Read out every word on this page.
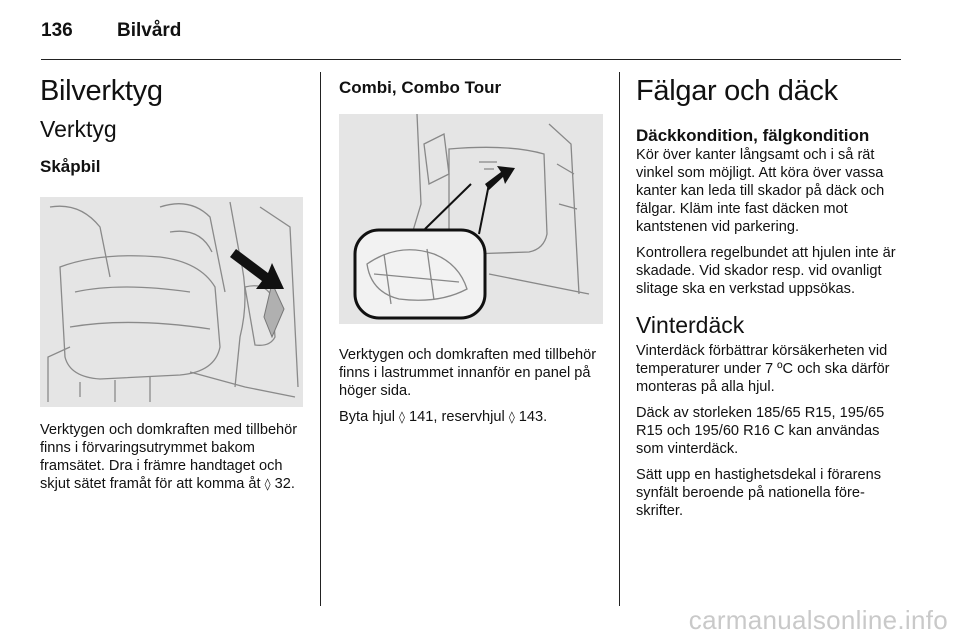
136 Bilvård
Bilverktyg
Verktyg
Skåpbil

Verktygen och domkraften med tillbehör finns i förvaringsutrymmet bakom framsätet. Dra i främre handtaget och skjut sätet framåt för att komma åt ◊ 32.

Combi, Combo Tour

Verktygen och domkraften med tillbehör finns i lastrummet innanför en panel på höger sida.

Byta hjul ◊ 141, reservhjul ◊ 143.

Fälgar och däck
Däckkondition, fälgkondition

Kör över kanter långsamt och i så rät vinkel som möjligt. Att köra över vassa kanter kan leda till skador på däck och fälgar. Kläm inte fast däcken mot kantstenen vid parkering.

Kontrollera regelbundet att hjulen inte är skadade. Vid skador resp. vid ovanligt slitage ska en verkstad uppsökas.

Vinterdäck

Vinterdäck förbättrar körsäkerheten vid temperaturer under 7 ºC och ska därför monteras på alla hjul.

Däck av storleken 185/65 R15, 195/65 R15 och 195/60 R16 C kan användas som vinterdäck.

Sätt upp en hastighetsdekal i förarens synfält beroende på nationella föreskrifter.

carmanualsonline.info
